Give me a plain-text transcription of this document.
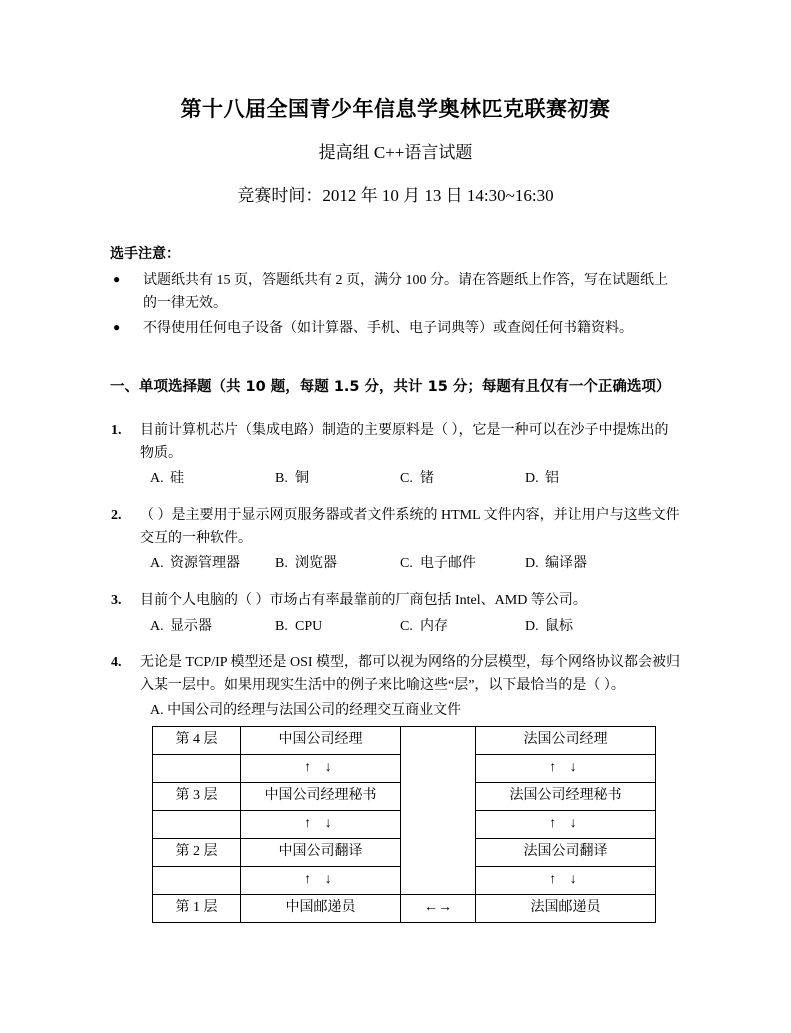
第十八届全国青少年信息学奥林匹克联赛初赛

提高组 C++语言试题

竞赛时间：2012 年 10 月 13 日 14:30~16:30

选手注意：
● 试题纸共有 15 页，答题纸共有 2 页，满分 100 分。请在答题纸上作答，写在试题纸上的一律无效。
● 不得使用任何电子设备（如计算器、手机、电子词典等）或查阅任何书籍资料。
一、单项选择题（共 10 题，每题 1.5 分，共计 15 分；每题有且仅有一个正确选项）
1. 目前计算机芯片（集成电路）制造的主要原料是（ ），它是一种可以在沙子中提炼出的物质。

A. 硅	B. 铜	C. 锗	D. 铝
2. （ ）是主要用于显示网页服务器或者文件系统的 HTML 文件内容，并让用户与这些文件交互的一种软件。

A. 资源管理器	B. 浏览器	C. 电子邮件	D. 编译器
3. 目前个人电脑的（ ）市场占有率最靠前的厂商包括 Intel、AMD 等公司。

A. 显示器	B. CPU	C. 内存	D. 鼠标
4. 无论是 TCP/IP 模型还是 OSI 模型，都可以视为网络的分层模型，每个网络协议都会被归入某一层中。如果用现实生活中的例子来比喻这些“层”，以下最恰当的是（ ）。

A. 中国公司的经理与法国公司的经理交互商业文件

第 4 层	中国公司经理		法国公司经理
	↑ ↓		↑ ↓
第 3 层	中国公司经理秘书		法国公司经理秘书
	↑ ↓		↑ ↓
第 2 层	中国公司翻译		法国公司翻译
	↑ ↓		↑ ↓
第 1 层	中国邮递员	←→	法国邮递员
